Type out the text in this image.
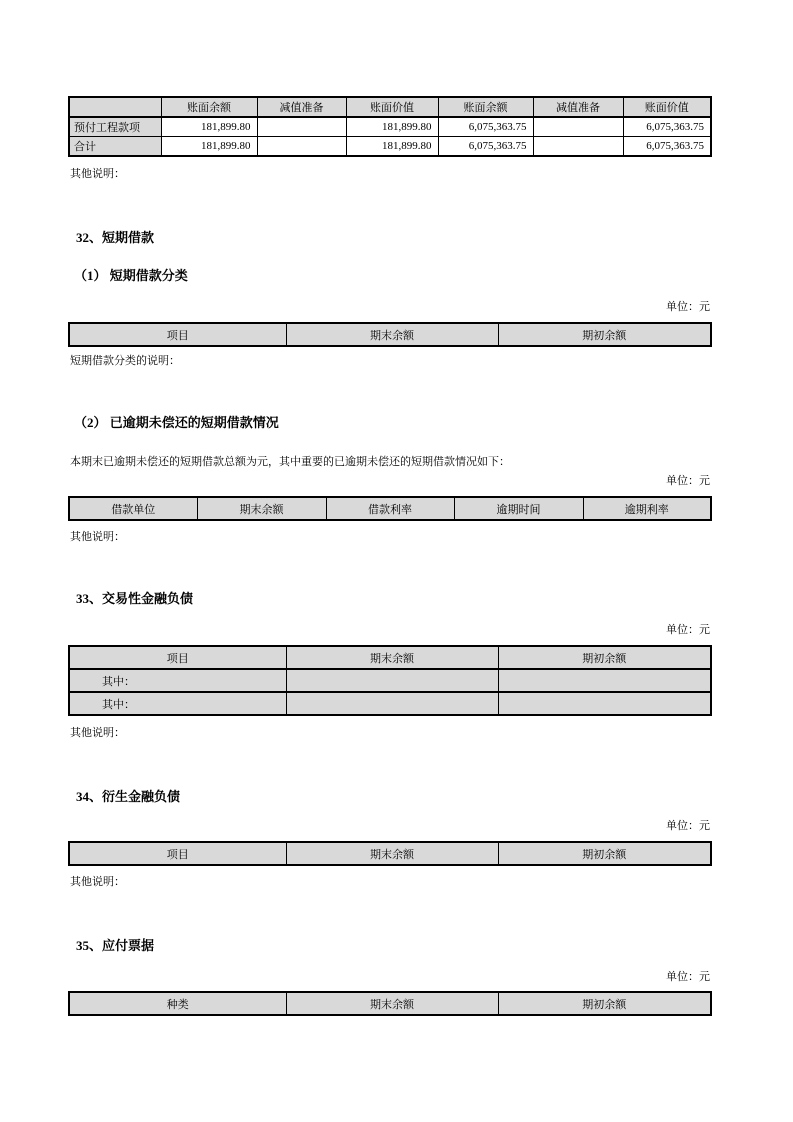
	账面余额	减值准备	账面价值	账面余额	减值准备	账面价值
预付工程款项	181,899.80		181,899.80	6,075,363.75		6,075,363.75
合计	181,899.80		181,899.80	6,075,363.75		6,075,363.75
其他说明：
32、短期借款
（1） 短期借款分类
单位：元
项目	期末余额	期初余额
短期借款分类的说明：
（2） 已逾期未偿还的短期借款情况
本期末已逾期未偿还的短期借款总额为元，其中重要的已逾期未偿还的短期借款情况如下：
单位：元
借款单位	期末余额	借款利率	逾期时间	逾期利率
其他说明：
33、交易性金融负债
单位：元
项目	期末余额	期初余额
其中：		
其中：		
其他说明：
34、衍生金融负债
单位：元
项目	期末余额	期初余额
其他说明：
35、应付票据
单位：元
种类	期末余额	期初余额
